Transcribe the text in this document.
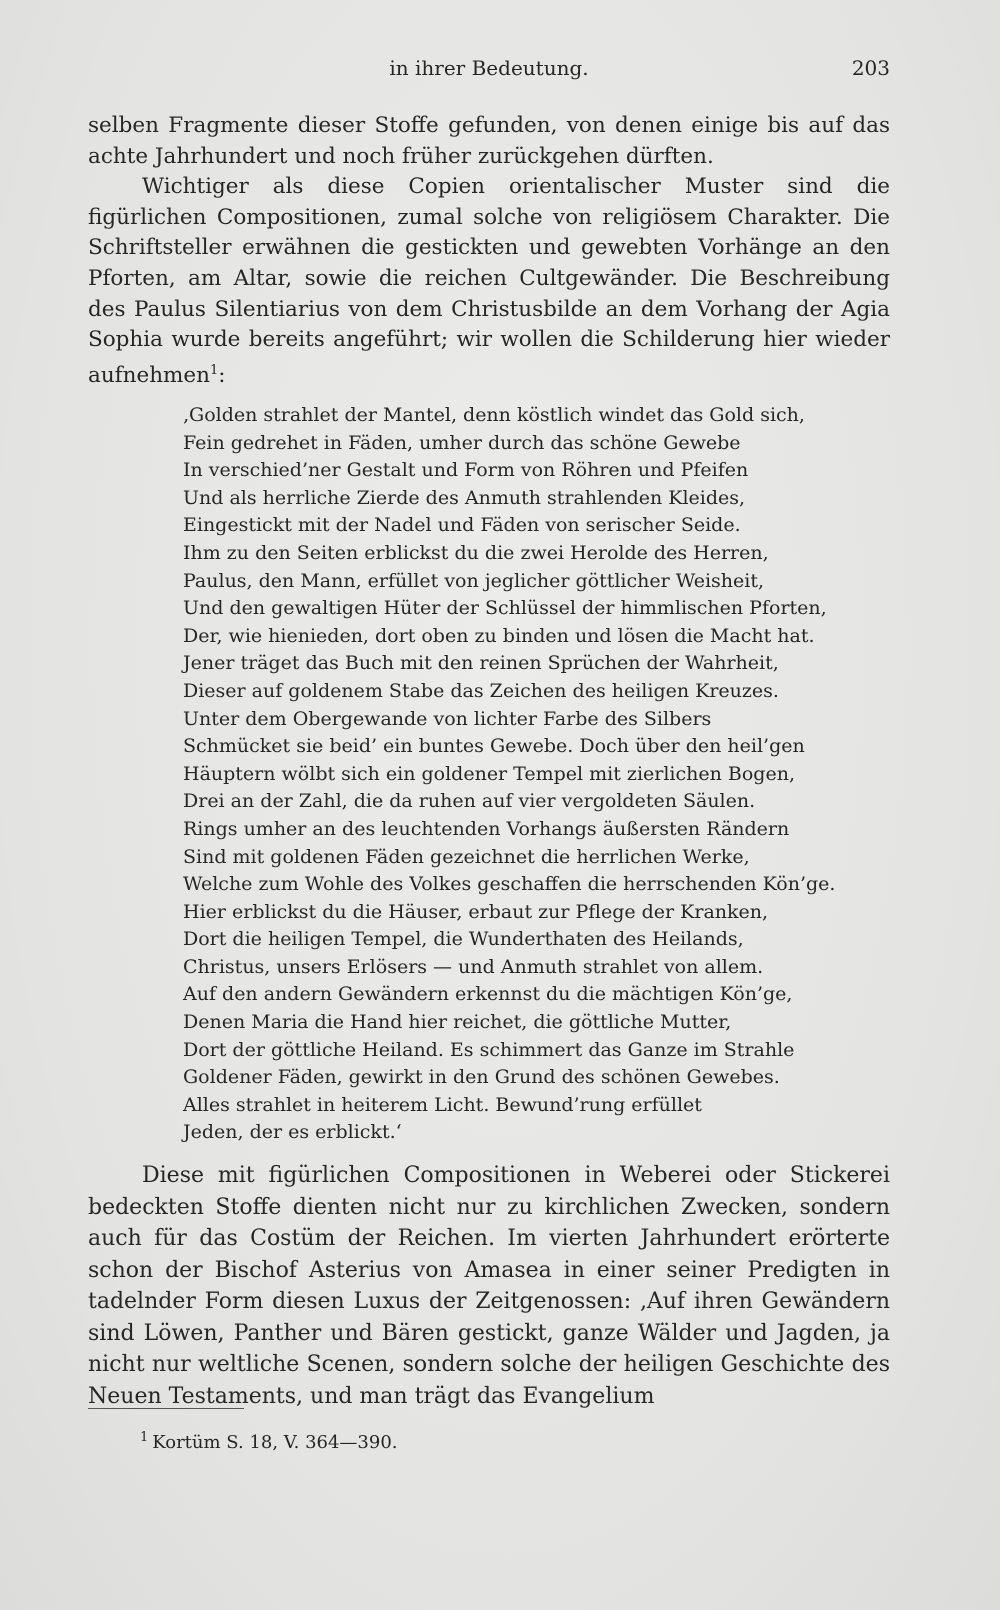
in ihrer Bedeutung.	203

selben Fragmente dieser Stoffe gefunden, von denen einige bis auf das achte Jahrhundert und noch früher zurückgehen dürften.

Wichtiger als diese Copien orientalischer Muster sind die figürlichen Compositionen, zumal solche von religiösem Charakter. Die Schriftsteller erwähnen die gestickten und gewebten Vorhänge an den Pforten, am Altar, sowie die reichen Cultgewänder. Die Beschreibung des Paulus Silentiarius von dem Christusbilde an dem Vorhang der Agia Sophia wurde bereits angeführt; wir wollen die Schilderung hier wieder aufnehmen$^1$:

‚Golden strahlet der Mantel, denn köstlich windet das Gold sich,
Fein gedrehet in Fäden, umher durch das schöne Gewebe
In verschied’ner Gestalt und Form von Röhren und Pfeifen
Und als herrliche Zierde des Anmuth strahlenden Kleides,
Eingestickt mit der Nadel und Fäden von serischer Seide.
Ihm zu den Seiten erblickst du die zwei Herolde des Herren,
Paulus, den Mann, erfüllet von jeglicher göttlicher Weisheit,
Und den gewaltigen Hüter der Schlüssel der himmlischen Pforten,
Der, wie hienieden, dort oben zu binden und lösen die Macht hat.
Jener träget das Buch mit den reinen Sprüchen der Wahrheit,
Dieser auf goldenem Stabe das Zeichen des heiligen Kreuzes.
Unter dem Obergewande von lichter Farbe des Silbers
Schmücket sie beid’ ein buntes Gewebe. Doch über den heil’gen
Häuptern wölbt sich ein goldener Tempel mit zierlichen Bogen,
Drei an der Zahl, die da ruhen auf vier vergoldeten Säulen.
Rings umher an des leuchtenden Vorhangs äußersten Rändern
Sind mit goldenen Fäden gezeichnet die herrlichen Werke,
Welche zum Wohle des Volkes geschaffen die herrschenden Kön’ge.
Hier erblickst du die Häuser, erbaut zur Pflege der Kranken,
Dort die heiligen Tempel, die Wunderthaten des Heilands,
Christus, unsers Erlösers — und Anmuth strahlet von allem.
Auf den andern Gewändern erkennst du die mächtigen Kön’ge,
Denen Maria die Hand hier reichet, die göttliche Mutter,
Dort der göttliche Heiland. Es schimmert das Ganze im Strahle
Goldener Fäden, gewirkt in den Grund des schönen Gewebes.
Alles strahlet in heiterem Licht. Bewund’rung erfüllet
Jeden, der es erblickt.‘

Diese mit figürlichen Compositionen in Weberei oder Stickerei bedeckten Stoffe dienten nicht nur zu kirchlichen Zwecken, sondern auch für das Costüm der Reichen. Im vierten Jahrhundert erörterte schon der Bischof Asterius von Amasea in einer seiner Predigten in tadelnder Form diesen Luxus der Zeitgenossen: ‚Auf ihren Gewändern sind Löwen, Panther und Bären gestickt, ganze Wälder und Jagden, ja nicht nur weltliche Scenen, sondern solche der heiligen Geschichte des Neuen Testaments, und man trägt das Evangelium

$^1$ Kortüm S. 18, V. 364—390.
